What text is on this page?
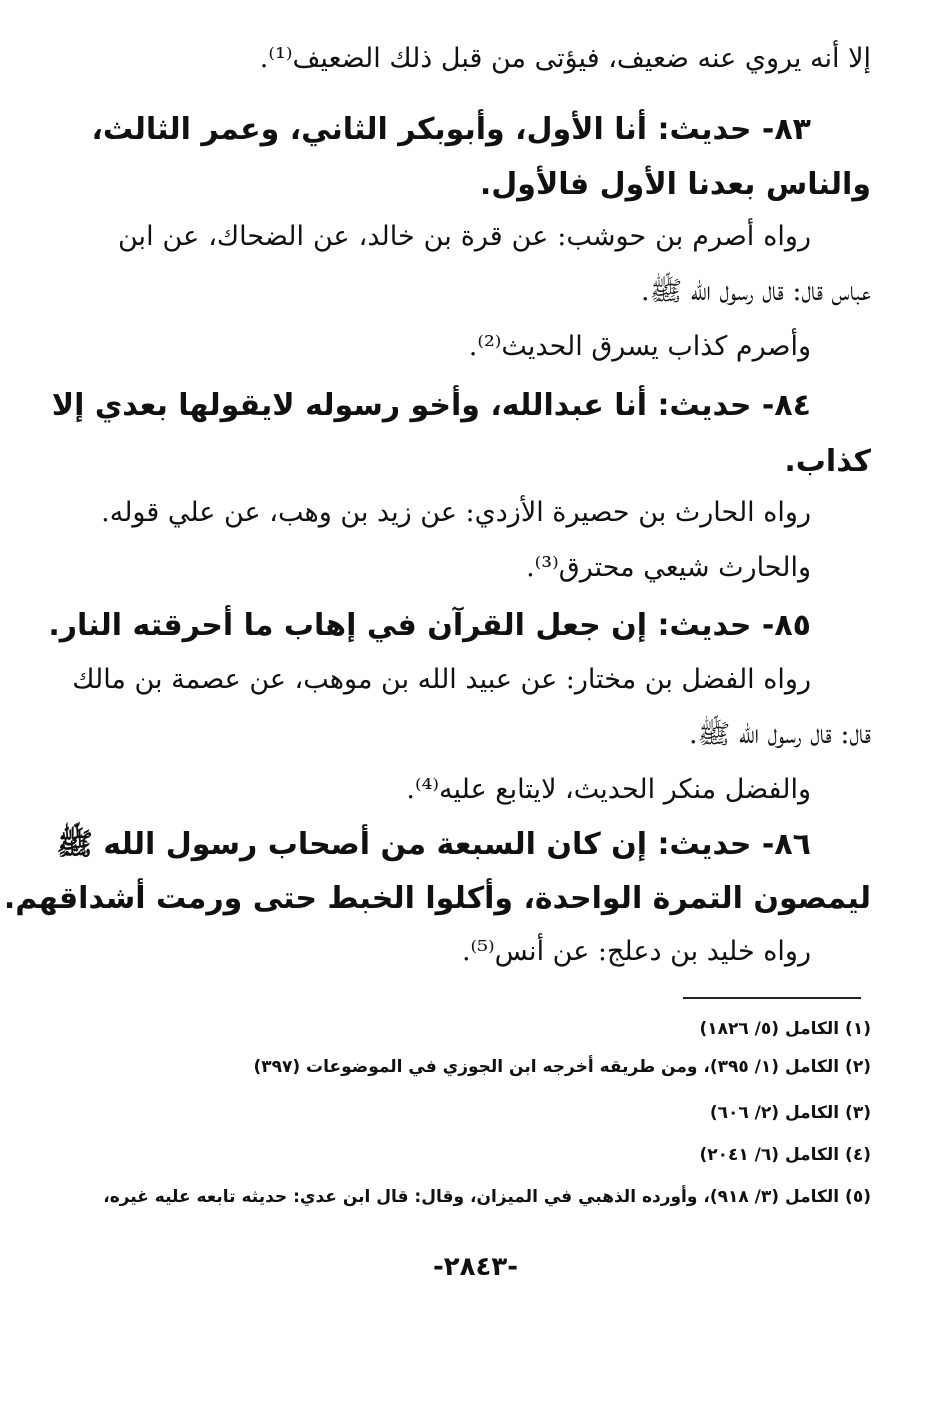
إلا أنه يروي عنه ضعيف، فيؤتى من قبل ذلك الضعيف⁽¹⁾.
٨٣- حديث: أنا الأول، وأبوبكر الثاني، وعمر الثالث،
والناس بعدنا الأول فالأول.
رواه أصرم بن حوشب: عن قرة بن خالد، عن الضحاك، عن ابن
عباس قال: قال رسول الله ﷺ.
وأصرم كذاب يسرق الحديث⁽²⁾.
٨٤- حديث: أنا عبدالله، وأخو رسوله لايقولها بعدي إلا
كذاب.
رواه الحارث بن حصيرة الأزدي: عن زيد بن وهب، عن علي قوله.
والحارث شيعي محترق⁽³⁾.
٨٥- حديث: إن جعل القرآن في إهاب ما أحرقته النار.
رواه الفضل بن مختار: عن عبيد الله بن موهب، عن عصمة بن مالك
قال: قال رسول الله ﷺ.
والفضل منكر الحديث، لايتابع عليه⁽⁴⁾.
٨٦- حديث: إن كان السبعة من أصحاب رسول الله ﷺ
ليمصون التمرة الواحدة، وأكلوا الخبط حتى ورمت أشداقهم.
رواه خليد بن دعلج: عن أنس⁽⁵⁾.
(١) الكامل (٥/ ١٨٢٦)
(٢) الكامل (١/ ٣٩٥)، ومن طريقه أخرجه ابن الجوزي في الموضوعات (٣٩٧)
(٣) الكامل (٢/ ٦٠٦)
(٤) الكامل (٦/ ٢٠٤١)
(٥) الكامل (٣/ ٩١٨)، وأورده الذهبي في الميزان، وقال: قال ابن عدي: حديثه تابعه عليه غيره،
-٢٨٤٣-
